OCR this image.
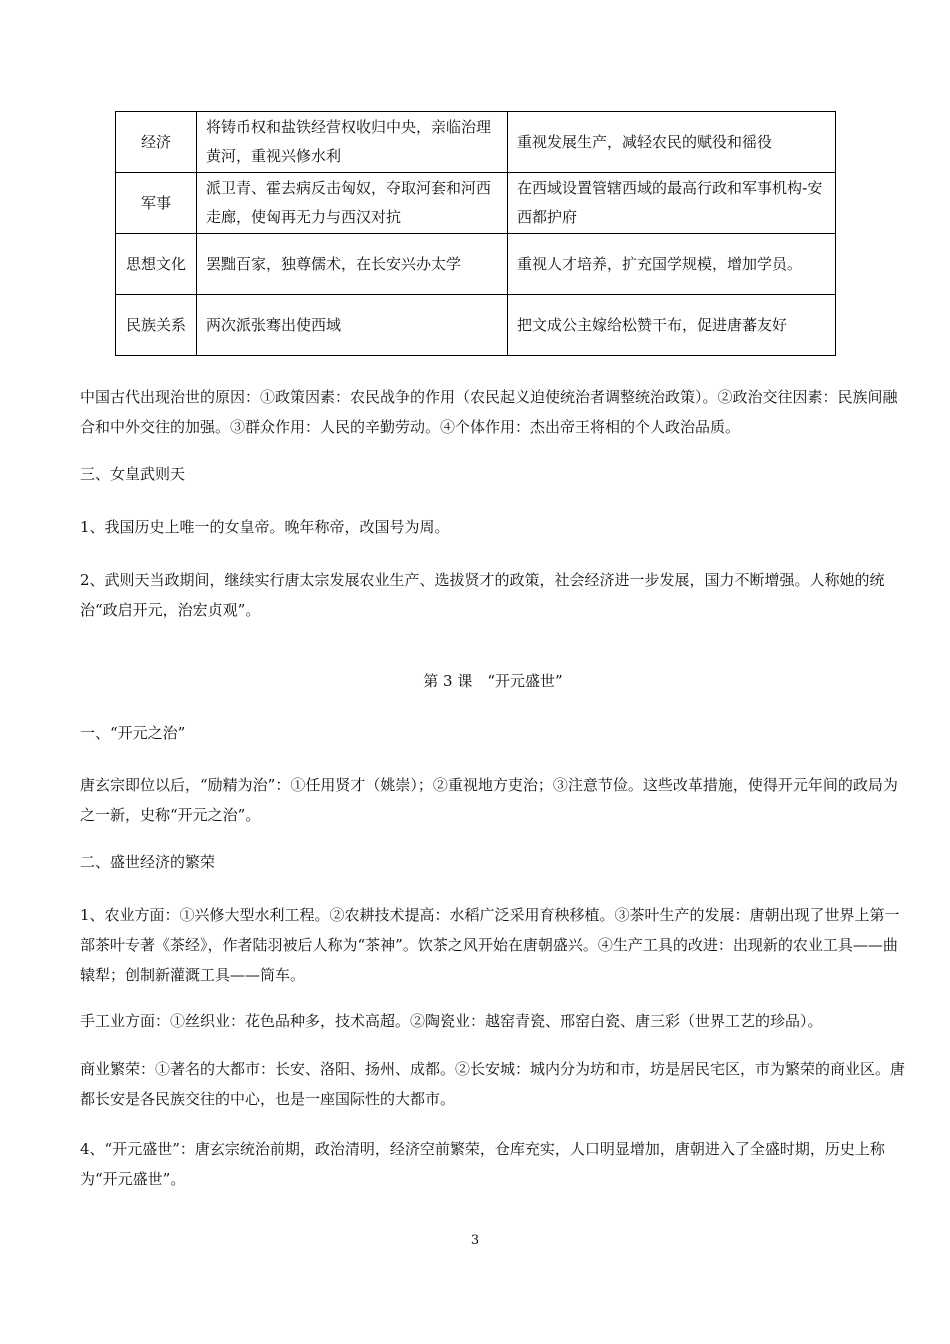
经济	将铸币权和盐铁经营权收归中央，亲临治理黄河，重视兴修水利	重视发展生产，减轻农民的赋役和徭役
军事	派卫青、霍去病反击匈奴，夺取河套和河西走廊，使匈再无力与西汉对抗	在西域设置管辖西域的最高行政和军事机构-安西都护府
思想文化	罢黜百家，独尊儒术，在长安兴办太学	重视人才培养，扩充国学规模，增加学员。
民族关系	两次派张骞出使西域	把文成公主嫁给松赞干布，促进唐蕃友好

中国古代出现治世的原因：①政策因素：农民战争的作用（农民起义迫使统治者调整统治政策）。②政治交往因素：民族间融合和中外交往的加强。③群众作用：人民的辛勤劳动。④个体作用：杰出帝王将相的个人政治品质。

三、女皇武则天

1、我国历史上唯一的女皇帝。晚年称帝，改国号为周。

2、武则天当政期间，继续实行唐太宗发展农业生产、选拔贤才的政策，社会经济进一步发展，国力不断增强。人称她的统治“政启开元，治宏贞观”。

第 3 课　“开元盛世”

一、“开元之治”

唐玄宗即位以后，“励精为治”：①任用贤才（姚崇）；②重视地方吏治；③注意节俭。这些改革措施，使得开元年间的政局为之一新，史称“开元之治”。

二、盛世经济的繁荣

1、农业方面：①兴修大型水利工程。②农耕技术提高：水稻广泛采用育秧移植。③茶叶生产的发展：唐朝出现了世界上第一部茶叶专著《茶经》，作者陆羽被后人称为“茶神”。饮茶之风开始在唐朝盛兴。④生产工具的改进：出现新的农业工具——曲辕犁；创制新灌溉工具——筒车。

手工业方面：①丝织业：花色品种多，技术高超。②陶瓷业：越窑青瓷、邢窑白瓷、唐三彩（世界工艺的珍品）。

商业繁荣：①著名的大都市：长安、洛阳、扬州、成都。②长安城：城内分为坊和市，坊是居民宅区，市为繁荣的商业区。唐都长安是各民族交往的中心，也是一座国际性的大都市。

4、“开元盛世”：唐玄宗统治前期，政治清明，经济空前繁荣，仓库充实，人口明显增加，唐朝进入了全盛时期，历史上称为“开元盛世”。

3
